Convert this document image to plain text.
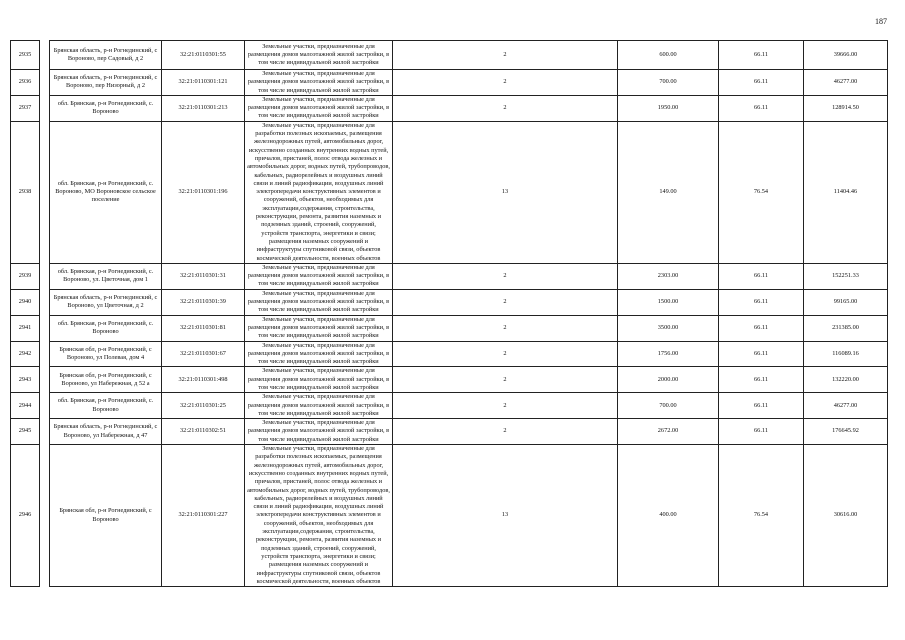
187
2935		Брянская область, р-н Рогнединский, с Вороново, пер Садовый, д 2	32:21:0110301:55	Земельные участки, предназначенные для размещения домов малоэтажной жилой застройки, в том числе индивидуальной жилой застройки	2	600.00	66.11	39666.00
2936		Брянская область, р-н Рогнединский, с Вороново, пер Низорный, д 2	32:21:0110301:121	Земельные участки, предназначенные для размещения домов малоэтажной жилой застройки, в том числе индивидуальной жилой застройки	2	700.00	66.11	46277.00
2937		обл. Брянская, р-н Рогнединский, с. Вороново	32:21:0110301:213	Земельные участки, предназначенные для размещения домов малоэтажной жилой застройки, в том числе индивидуальной жилой застройки	2	1950.00	66.11	128914.50
2938		обл. Брянская, р-н Рогнединский, с. Вороново, МО Вороновское сельское поселение	32:21:0110301:196	Земельные участки, предназначенные для разработки полезных ископаемых, размещения железнодорожных путей, автомобильных дорог, искусственно созданных внутренних водных путей, причалов, пристаней, полос отвода железных и автомобильных дорог, водных путей, трубопроводов, кабельных, радиорелейных и воздушных линий связи и линий радиофикации, воздушных линий электропередачи конструктивных элементов и сооружений, объектов, необходимых для эксплуатации,содержания, строительства, реконструкции, ремонта, развития наземных и подземных зданий, строений, сооружений, устройств транспорта, энергетики и связи; размещения наземных сооружений и инфраструктуры спутниковой связи, объектов космической деятельности, военных объектов	13	149.00	76.54	11404.46
2939		обл. Брянская, р-н Рогнединский, с. Вороново, ул. Цветочная, дом 1	32:21:0110301:31	Земельные участки, предназначенные для размещения домов малоэтажной жилой застройки, в том числе индивидуальной жилой застройки	2	2303.00	66.11	152251.33
2940		Брянская область, р-н Рогнединский, с Вороново, ул Цветочная, д 2	32:21:0110301:39	Земельные участки, предназначенные для размещения домов малоэтажной жилой застройки, в том числе индивидуальной жилой застройки	2	1500.00	66.11	99165.00
2941		обл. Брянская, р-н Рогнединский, с. Вороново	32:21:0110301:81	Земельные участки, предназначенные для размещения домов малоэтажной жилой застройки, в том числе индивидуальной жилой застройки	2	3500.00	66.11	231385.00
2942		Брянская обл, р-н Рогнединский, с Вороново, ул Полевая, дом 4	32:21:0110301:67	Земельные участки, предназначенные для размещения домов малоэтажной жилой застройки, в том числе индивидуальной жилой застройки	2	1756.00	66.11	116089.16
2943		Брянская обл, р-н Рогнединский, с Вороново, ул Набережная, д 52 а	32:21:0110301:498	Земельные участки, предназначенные для размещения домов малоэтажной жилой застройки, в том числе индивидуальной жилой застройки	2	2000.00	66.11	132220.00
2944		обл. Брянская, р-н Рогнединский, с. Вороново	32:21:0110301:25	Земельные участки, предназначенные для размещения домов малоэтажной жилой застройки, в том числе индивидуальной жилой застройки	2	700.00	66.11	46277.00
2945		Брянская область, р-н Рогнединский, с Вороново, ул Набережная, д 47	32:21:0110302:51	Земельные участки, предназначенные для размещения домов малоэтажной жилой застройки, в том числе индивидуальной жилой застройки	2	2672.00	66.11	176645.92
2946		Брянская обл, р-н Рогнединский, с Вороново	32:21:0110301:227	Земельные участки, предназначенные для разработки полезных ископаемых, размещения железнодорожных путей, автомобильных дорог, искусственно созданных внутренних водных путей, причалов, пристаней, полос отвода железных и автомобильных дорог, водных путей, трубопроводов, кабельных, радиорелейных и воздушных линий связи и линий радиофикации, воздушных линий электропередачи конструктивных элементов и сооружений, объектов, необходимых для эксплуатации,содержания, строительства, реконструкции, ремонта, развития наземных и подземных зданий, строений, сооружений, устройств транспорта, энергетики и связи; размещения наземных сооружений и инфраструктуры спутниковой связи, объектов космической деятельности, военных объектов	13	400.00	76.54	30616.00
